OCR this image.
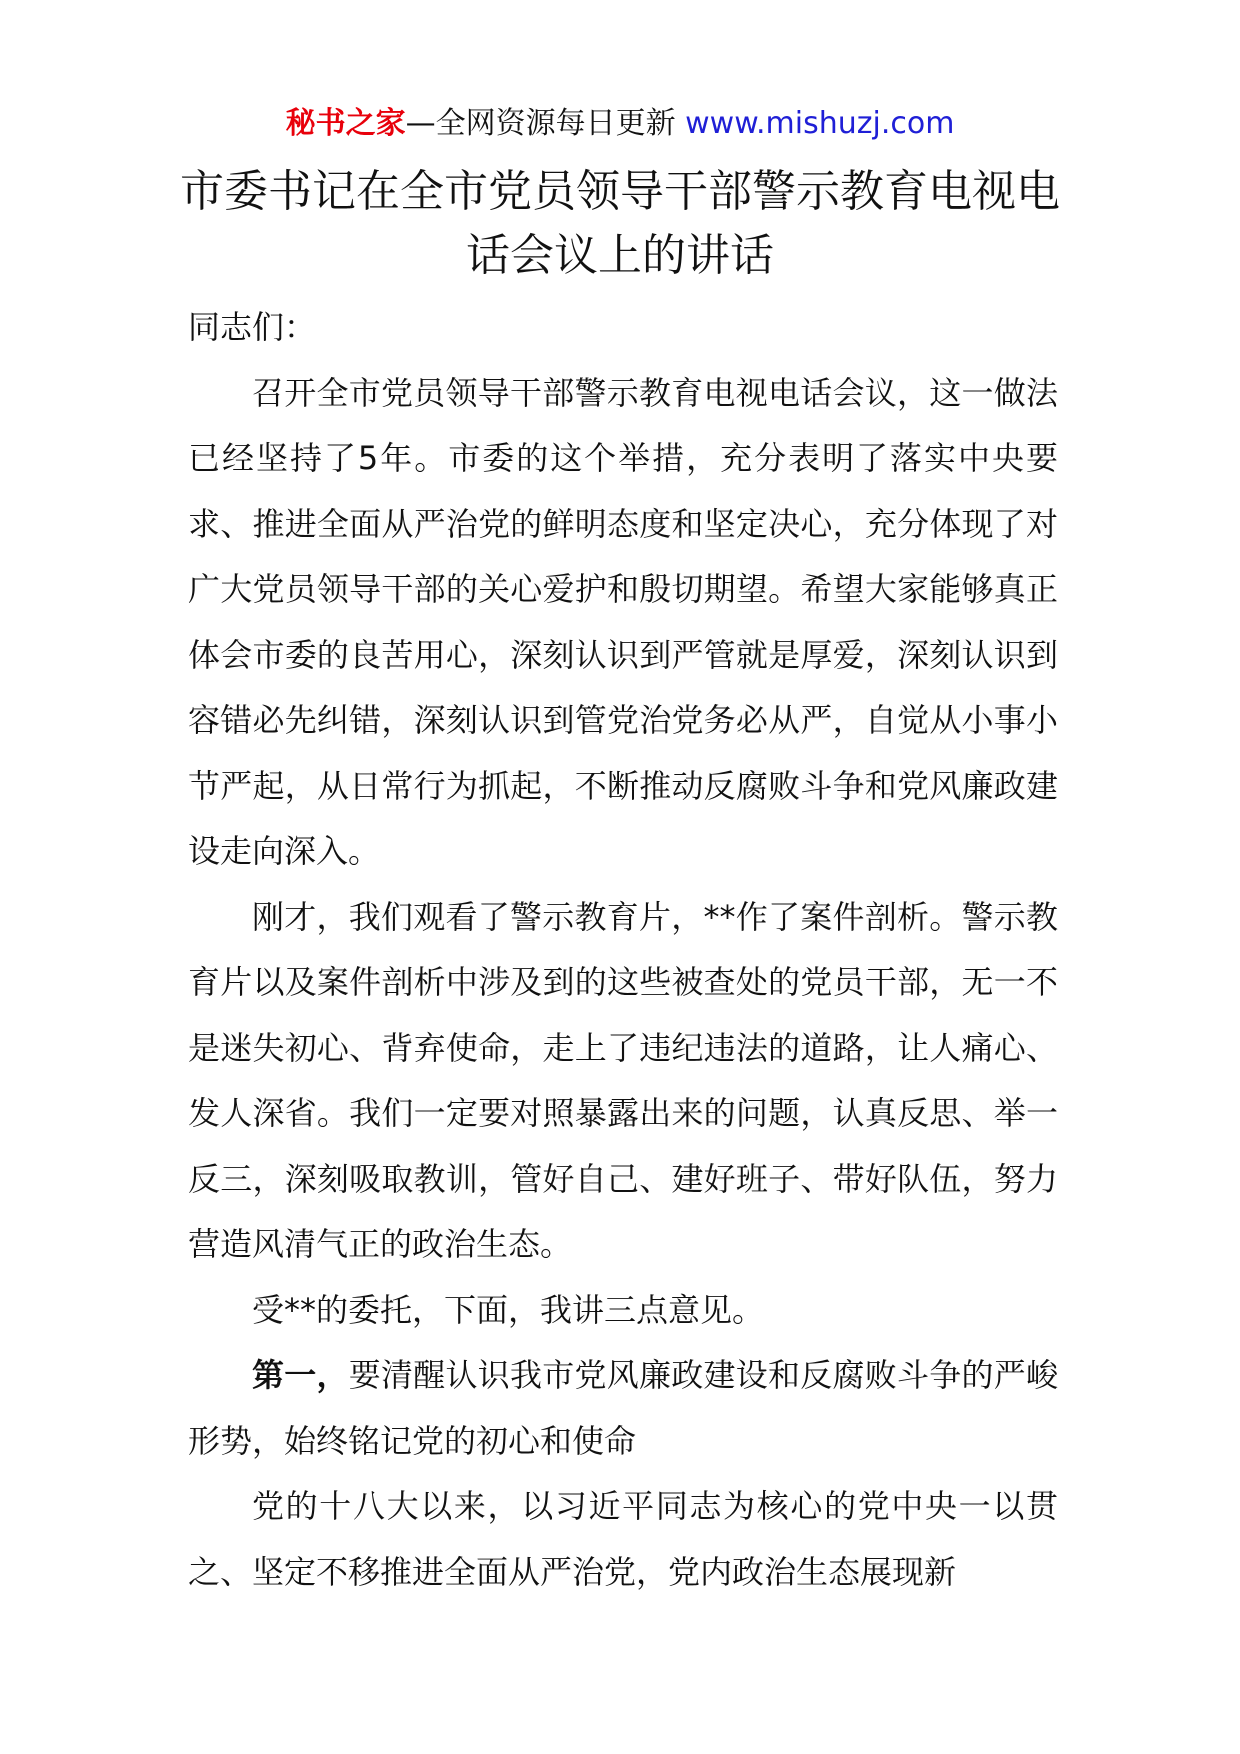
秘书之家—全网资源每日更新 www.mishuzj.com
市委书记在全市党员领导干部警示教育电视电话会议上的讲话

同志们：

召开全市党员领导干部警示教育电视电话会议，这一做法已经坚持了5年。市委的这个举措，充分表明了落实中央要求、推进全面从严治党的鲜明态度和坚定决心，充分体现了对广大党员领导干部的关心爱护和殷切期望。希望大家能够真正体会市委的良苦用心，深刻认识到严管就是厚爱，深刻认识到容错必先纠错，深刻认识到管党治党务必从严，自觉从小事小节严起，从日常行为抓起，不断推动反腐败斗争和党风廉政建设走向深入。

刚才，我们观看了警示教育片，**作了案件剖析。警示教育片以及案件剖析中涉及到的这些被查处的党员干部，无一不是迷失初心、背弃使命，走上了违纪违法的道路，让人痛心、发人深省。我们一定要对照暴露出来的问题，认真反思、举一反三，深刻吸取教训，管好自己、建好班子、带好队伍，努力营造风清气正的政治生态。

受**的委托，下面，我讲三点意见。

第一，要清醒认识我市党风廉政建设和反腐败斗争的严峻形势，始终铭记党的初心和使命

党的十八大以来，以习近平同志为核心的党中央一以贯之、坚定不移推进全面从严治党，党内政治生态展现新
